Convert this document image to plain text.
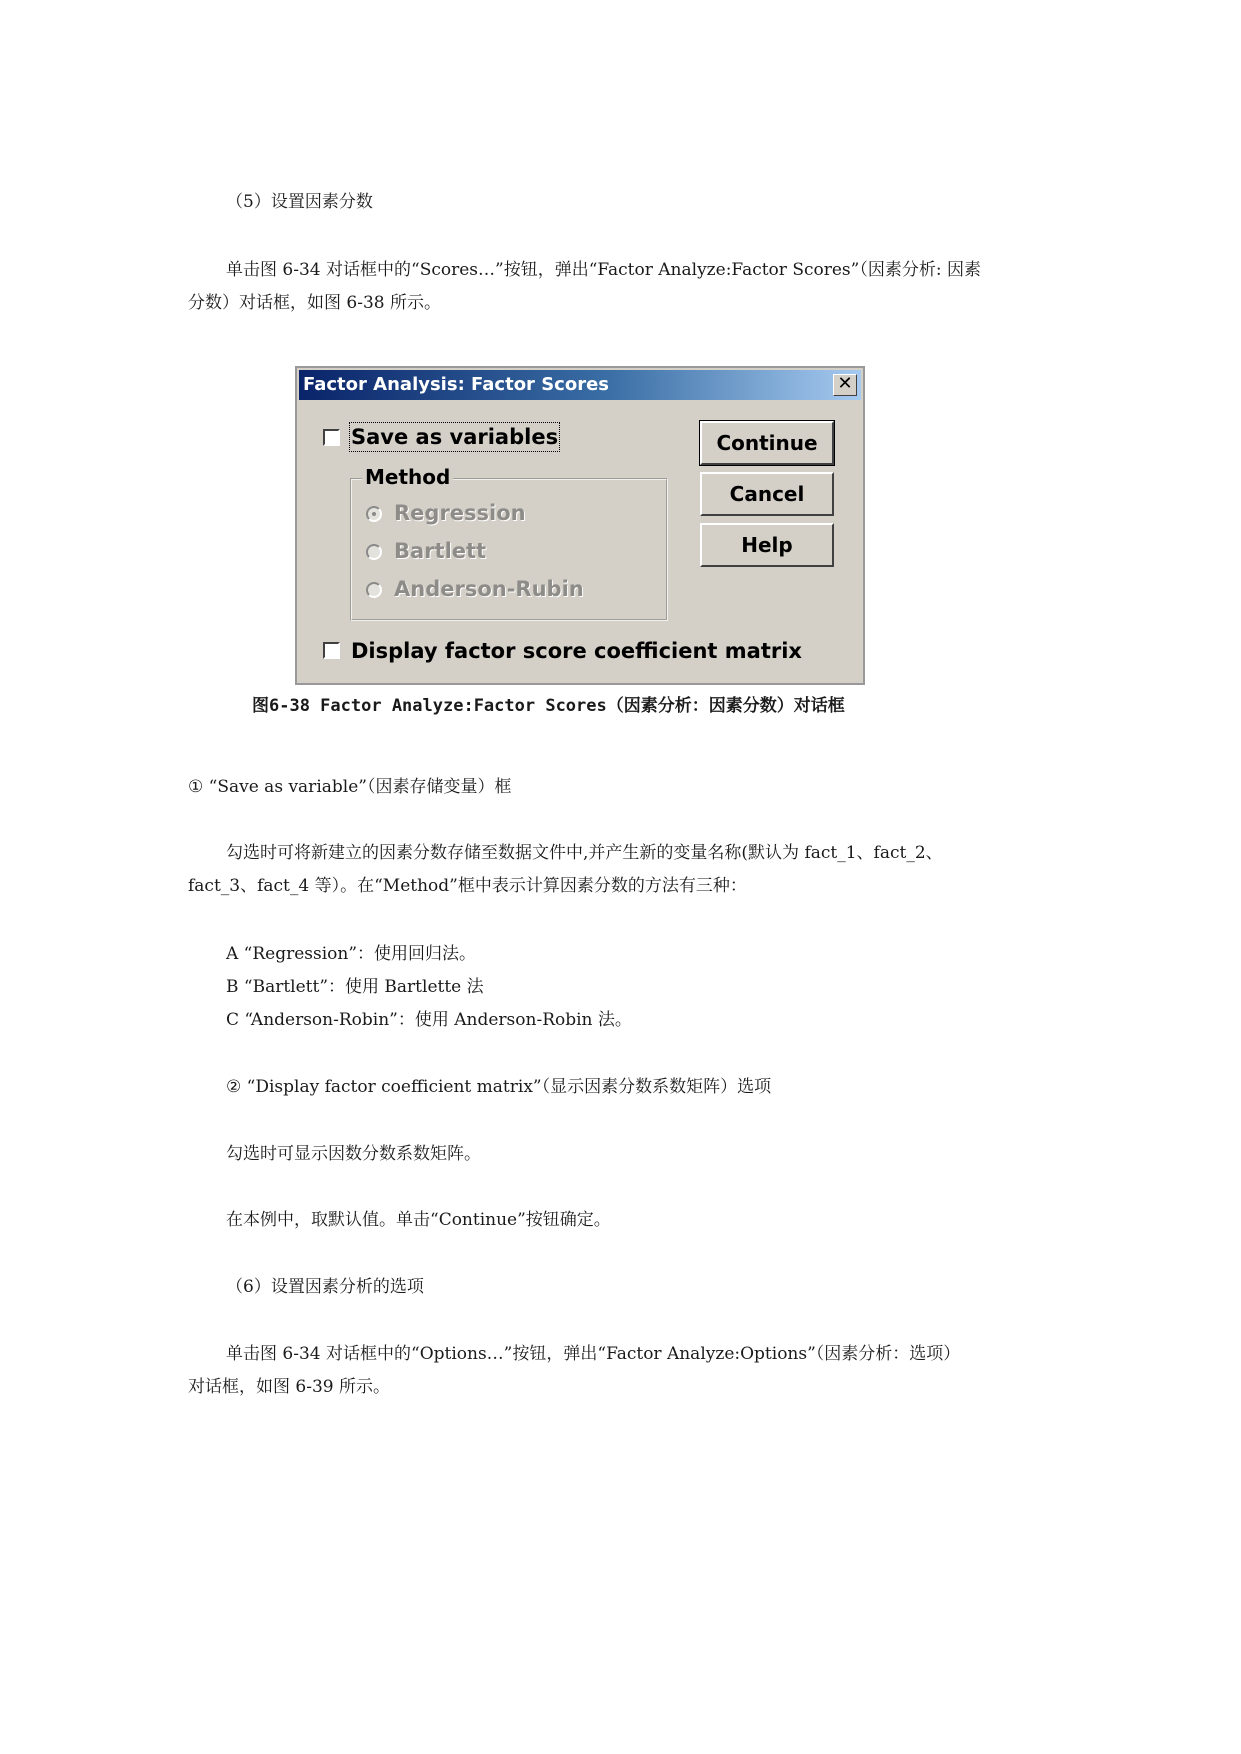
（5）设置因素分数
单击图 6-34 对话框中的“Scores…”按钮，弹出“Factor Analyze:Factor Scores”（因素分析: 因素
分数）对话框，如图 6-38 所示。
Factor Analysis: Factor Scores	✕
Save as variables
Method
Regression
Bartlett
Anderson-Rubin
Display factor score coefficient matrix
Continue
Cancel
Help
图6-38 Factor Analyze:Factor Scores（因素分析：因素分数）对话框
① “Save as variable”（因素存储变量）框
勾选时可将新建立的因素分数存储至数据文件中,并产生新的变量名称(默认为 fact_1、fact_2、
fact_3、fact_4 等）。在“Method”框中表示计算因素分数的方法有三种：
A “Regression”：使用回归法。
B “Bartlett”：使用 Bartlette 法
C “Anderson-Robin”：使用 Anderson-Robin 法。
② “Display factor coefficient matrix”（显示因素分数系数矩阵）选项
勾选时可显示因数分数系数矩阵。
在本例中，取默认值。单击“Continue”按钮确定。
（6）设置因素分析的选项
单击图 6-34 对话框中的“Options…”按钮，弹出“Factor Analyze:Options”（因素分析：选项）
对话框，如图 6-39 所示。
